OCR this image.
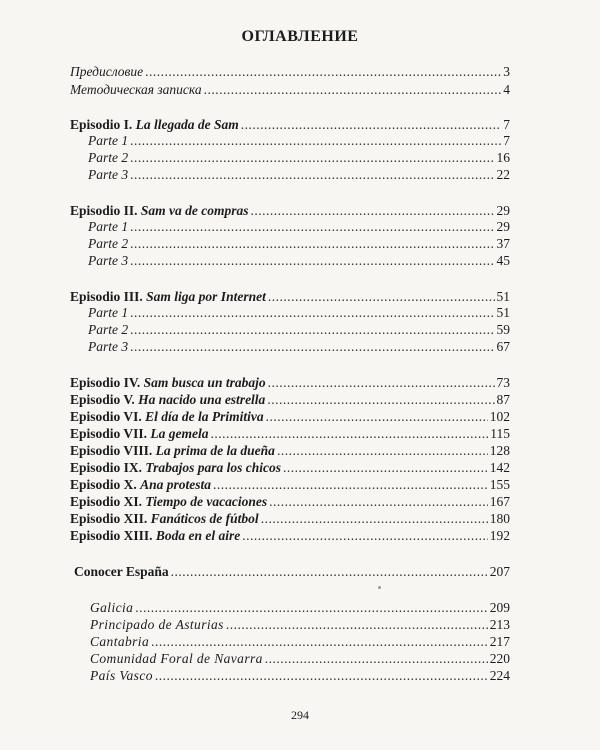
ОГЛАВЛЕНИЕ
Предисловие .....	3
Методическая записка .....	4
Episodio I. La llegada de Sam .....	7
Parte 1 .....	7
Parte 2 .....	16
Parte 3 .....	22
Episodio II. Sam va de compras .....	29
Parte 1 .....	29
Parte 2 .....	37
Parte 3 .....	45
Episodio III. Sam liga por Internet .....	51
Parte 1 .....	51
Parte 2 .....	59
Parte 3 .....	67
Episodio IV. Sam busca un trabajo .....	73
Episodio V. Ha nacido una estrella .....	87
Episodio VI. El día de la Primitiva .....	102
Episodio VII. La gemela .....	115
Episodio VIII. La prima de la dueña .....	128
Episodio IX. Trabajos para los chicos .....	142
Episodio X. Ana protesta .....	155
Episodio XI. Tiempo de vacaciones .....	167
Episodio XII. Fanáticos de fútbol .....	180
Episodio XIII. Boda en el aire .....	192
Conocer España .....	207
Galicia .....	209
Principado de Asturias .....	213
Cantabria .....	217
Comunidad Foral de Navarra .....	220
País Vasco .....	224
294
